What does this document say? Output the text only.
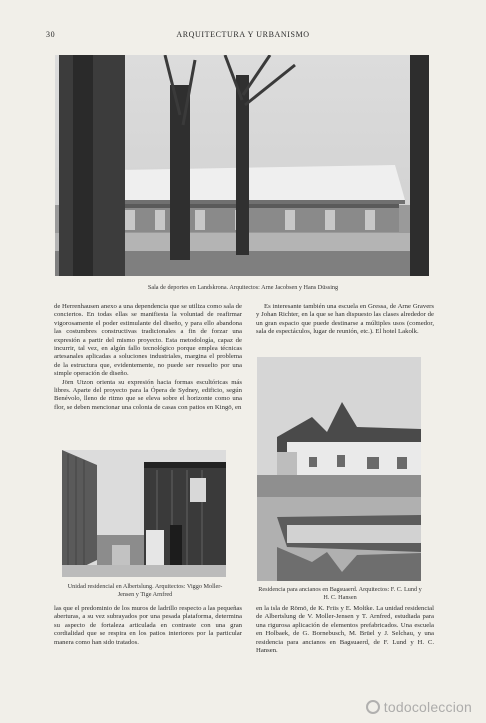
30	ARQUITECTURA Y URBANISMO
Sala de deportes en Landskrona. Arquitectos: Arne Jacobsen y Hans Düssing

de Herrenhausen anexo a una dependencia que se utiliza como sala de conciertos. En todas ellas se manifiesta la voluntad de reafirmar vigorosamente el poder estimulante del diseño, y para ello abandona las costumbres constructivas tradicionales a fin de forzar una expresión a partir del mismo proyecto. Esta metodología, capaz de incurrir, tal vez, en algún fallo tecnológico porque emplea técnicas artesanales aplicadas a soluciones industriales, margina el problema de la estructura que, evidentemente, no puede ser resuelto por una simple operación de diseño.

Jörn Utzon orienta su expresión hacia formas escultóricas más libres. Aparte del proyecto para la Ópera de Sydney, edificio, según Benévolo, lleno de ritmo que se eleva sobre el horizonte como una flor, se deben mencionar una colonia de casas con patios en Kingö, en

Es interesante también una escuela en Gressa, de Arne Gravers y Johan Richter, en la que se han dispuesto las clases alrededor de un gran espacio que puede destinarse a múltiples usos (comedor, sala de espectáculos, lugar de reunión, etc.). El hotel Lakolk.

Unidad residencial en Albertslung. Arquitectos: Viggo Moller-Jensen y Tige Arnfred
Residencia para ancianos en Bagsuaerd. Arquitectos: F. C. Lund y H. C. Hansen

las que el predominio de los muros de ladrillo respecto a las pequeñas aberturas, a su vez subrayados por una pesada plataforma, determina su aspecto de fortaleza articulada en contraste con una gran cordialidad que se respira en los patios interiores por la particular manera como han sido tratados.

en la isla de Römö, de K. Friis y E. Moltke. La unidad residencial de Albertslung de V. Moller-Jensen y T. Arnfred, estudiada para una rigurosa aplicación de elementos prefabricados. Una escuela en Holbaek, de G. Bornebusch, M. Brüel y J. Selchau, y una residencia para ancianos en Bagsuaerd, de F. Lund y H. C. Hansen.

todocoleccion
